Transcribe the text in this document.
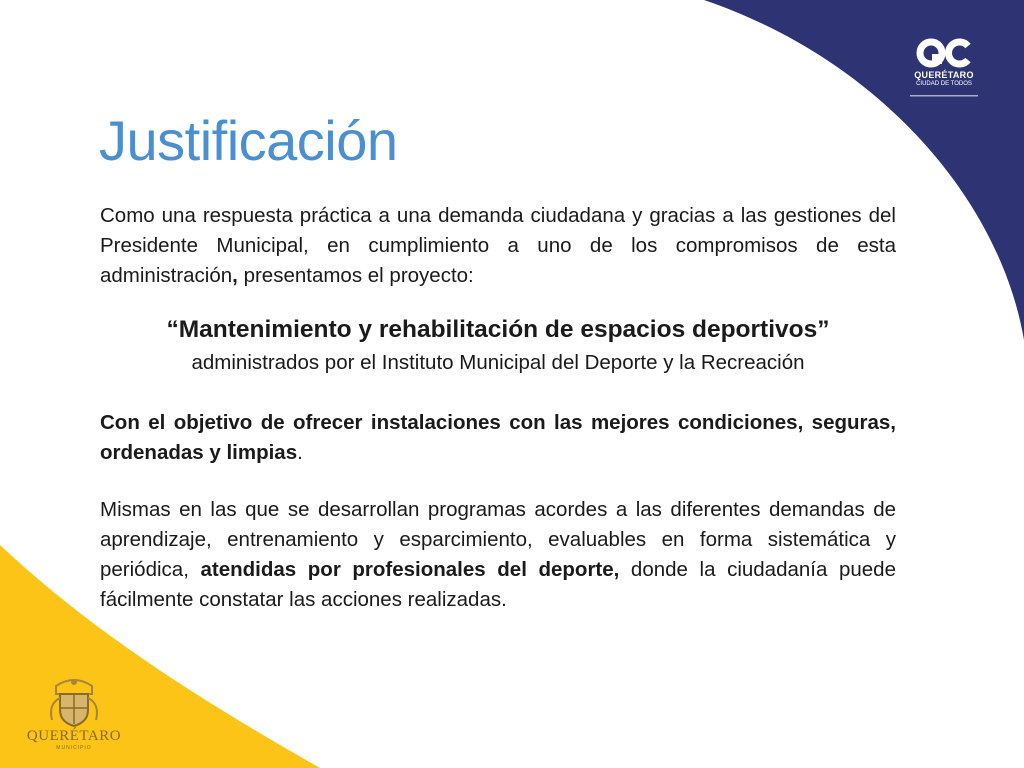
QUERÉTARO
CIUDAD DE TODOS
Justificación

Como una respuesta práctica a una demanda ciudadana y gracias a las gestiones del Presidente Municipal, en cumplimiento a uno de los compromisos de esta administración, presentamos el proyecto:

“Mantenimiento y rehabilitación de espacios deportivos”

administrados por el Instituto Municipal del Deporte y la Recreación

Con el objetivo de ofrecer instalaciones con las mejores condiciones, seguras, ordenadas y limpias.

Mismas en las que se desarrollan programas acordes a las diferentes demandas de aprendizaje, entrenamiento y esparcimiento, evaluables en forma sistemática y periódica, atendidas por profesionales del deporte, donde la ciudadanía puede fácilmente constatar las acciones realizadas.

QUERÉTARO
MUNICIPIO
